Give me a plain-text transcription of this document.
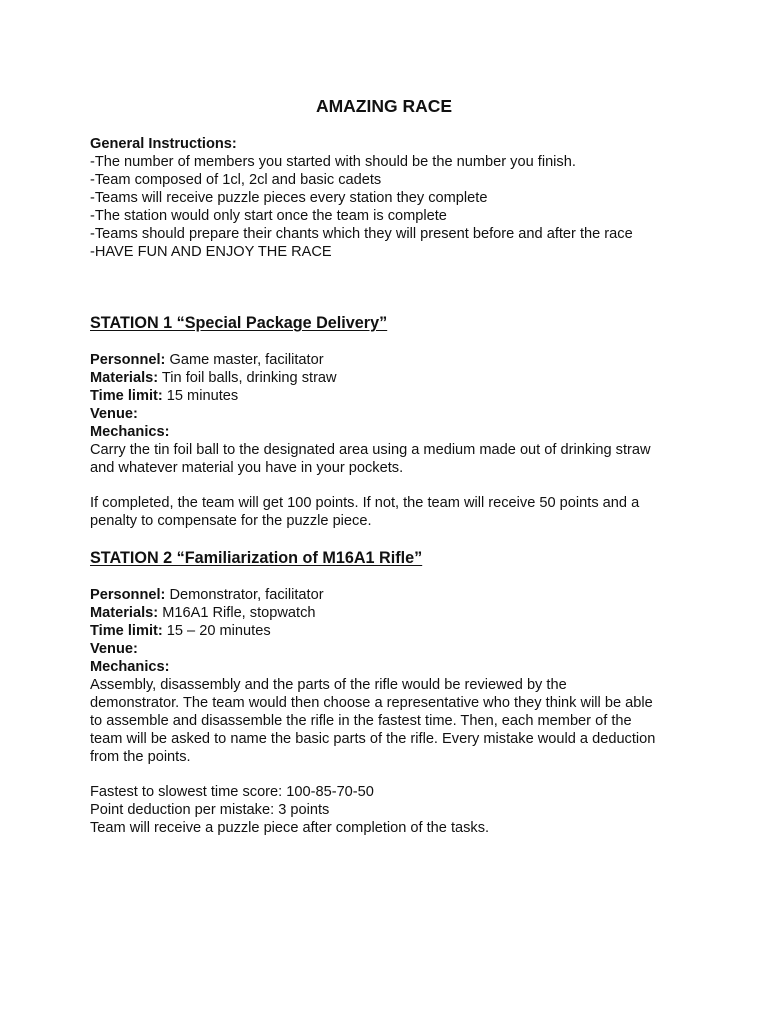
AMAZING RACE

General Instructions:

-The number of members you started with should be the number you finish.

-Team composed of 1cl, 2cl and basic cadets

-Teams will receive puzzle pieces every station they complete

-The station would only start once the team is complete

-Teams should prepare their chants which they will present before and after the race

-HAVE FUN AND ENJOY THE RACE

STATION 1 “Special Package Delivery”

Personnel: Game master, facilitator

Materials: Tin foil balls, drinking straw

Time limit: 15 minutes

Venue:

Mechanics:

Carry the tin foil ball to the designated area using a medium made out of drinking straw

and whatever material you have in your pockets.

If completed, the team will get 100 points. If not, the team will receive 50 points and a

penalty to compensate for the puzzle piece.

STATION 2 “Familiarization of M16A1 Rifle”

Personnel: Demonstrator, facilitator

Materials: M16A1 Rifle, stopwatch

Time limit: 15 – 20 minutes

Venue:

Mechanics:

Assembly, disassembly and the parts of the rifle would be reviewed by the

demonstrator. The team would then choose a representative who they think will be able

to assemble and disassemble the rifle in the fastest time. Then, each member of the

team will be asked to name the basic parts of the rifle. Every mistake would a deduction

from the points.

Fastest to slowest time score: 100-85-70-50

Point deduction per mistake: 3 points

Team will receive a puzzle piece after completion of the tasks.
